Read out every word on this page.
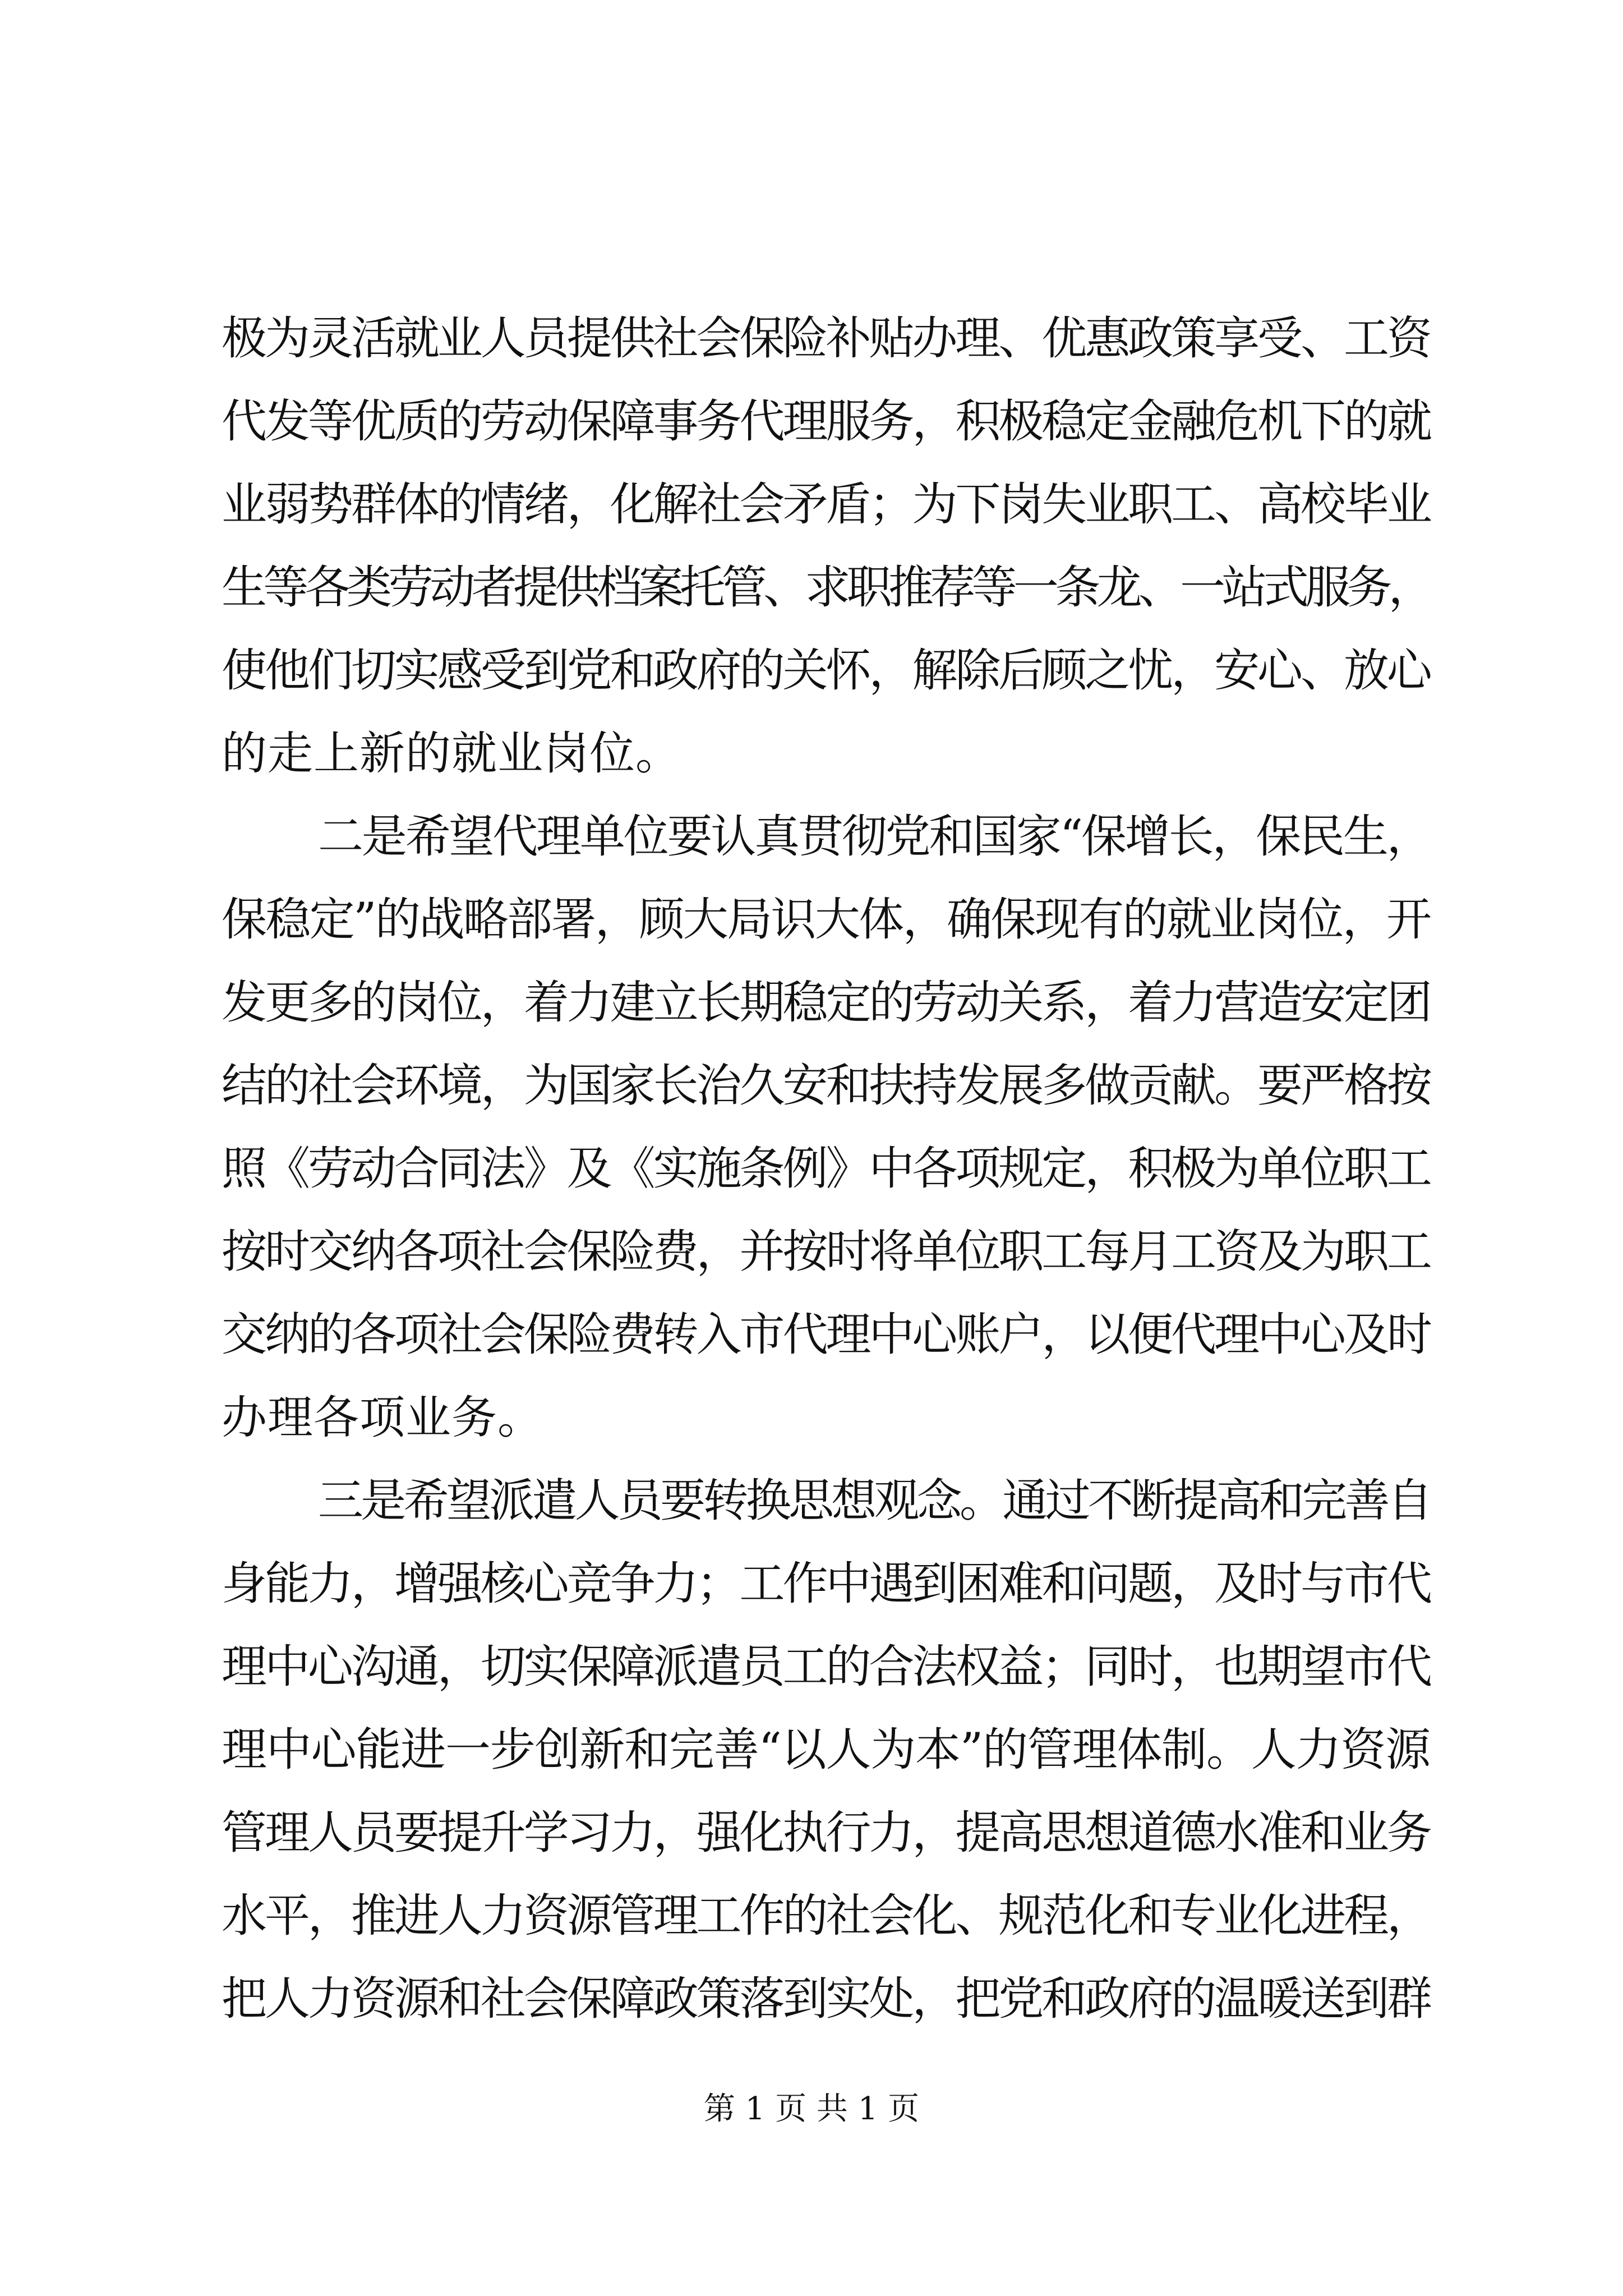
极为灵活就业人员提供社会保险补贴办理、优惠政策享受、工资
代发等优质的劳动保障事务代理服务，积极稳定金融危机下的就
业弱势群体的情绪，化解社会矛盾；为下岗失业职工、高校毕业
生等各类劳动者提供档案托管、求职推荐等一条龙、一站式服务，
使他们切实感受到党和政府的关怀，解除后顾之忧，安心、放心
的走上新的就业岗位。
二是希望代理单位要认真贯彻党和国家“保增长，保民生，
保稳定”的战略部署，顾大局识大体，确保现有的就业岗位，开
发更多的岗位，着力建立长期稳定的劳动关系，着力营造安定团
结的社会环境，为国家长治久安和扶持发展多做贡献。要严格按
照《劳动合同法》及《实施条例》中各项规定，积极为单位职工
按时交纳各项社会保险费，并按时将单位职工每月工资及为职工
交纳的各项社会保险费转入市代理中心账户，以便代理中心及时
办理各项业务。
三是希望派遣人员要转换思想观念。通过不断提高和完善自
身能力，增强核心竞争力；工作中遇到困难和问题，及时与市代
理中心沟通，切实保障派遣员工的合法权益；同时，也期望市代
理中心能进一步创新和完善“以人为本”的管理体制。人力资源
管理人员要提升学习力，强化执行力，提高思想道德水准和业务
水平，推进人力资源管理工作的社会化、规范化和专业化进程，
把人力资源和社会保障政策落到实处，把党和政府的温暖送到群
第 1 页 共 1 页
